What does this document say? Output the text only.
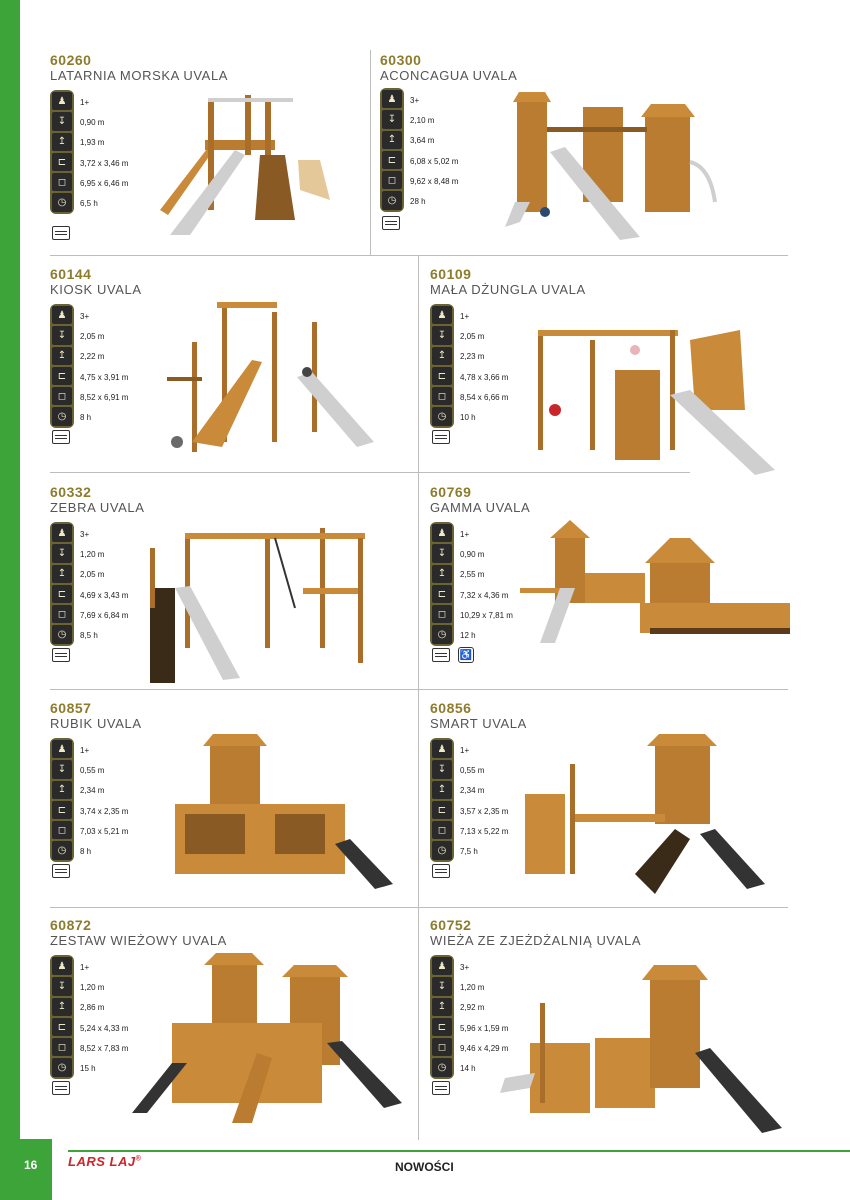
60260
LATARNIA MORSKA UVALA
♟
↧
↥
⊏
◻
◷
1+
0,90 m
1,93 m
3,72 x 3,46 m
6,95 x 6,46 m
6,5 h
60300
ACONCAGUA UVALA
♟
↧
↥
⊏
◻
◷
3+
2,10 m
3,64 m
6,08 x 5,02 m
9,62 x 8,48 m
28 h
60144
KIOSK UVALA
♟
↧
↥
⊏
◻
◷
3+
2,05 m
2,22 m
4,75 x 3,91 m
8,52 x 6,91 m
8 h
60109
MAŁA DŻUNGLA UVALA
♟
↧
↥
⊏
◻
◷
1+
2,05 m
2,23 m
4,78 x 3,66 m
8,54 x 6,66 m
10 h
60332
ZEBRA UVALA
♟
↧
↥
⊏
◻
◷
3+
1,20 m
2,05 m
4,69 x 3,43 m
7,69 x 6,84 m
8,5 h
60769
GAMMA UVALA
♟
↧
↥
⊏
◻
◷
1+
0,90 m
2,55 m
7,32 x 4,36 m
10,29 x 7,81 m
12 h
♿
60857
RUBIK UVALA
♟
↧
↥
⊏
◻
◷
1+
0,55 m
2,34 m
3,74 x 2,35 m
7,03 x 5,21 m
8 h
60856
SMART UVALA
♟
↧
↥
⊏
◻
◷
1+
0,55 m
2,34 m
3,57 x 2,35 m
7,13 x 5,22 m
7,5 h
60872
ZESTAW WIEŻOWY UVALA
♟
↧
↥
⊏
◻
◷
1+
1,20 m
2,86 m
5,24 x 4,33 m
8,52 x 7,83 m
15 h
60752
WIEŻA ZE ZJEŻDŻALNIĄ UVALA
♟
↧
↥
⊏
◻
◷
3+
1,20 m
2,92 m
5,96 x 1,59 m
9,46 x 4,29 m
14 h
16 LARS LAJ®
NOWOŚCI
